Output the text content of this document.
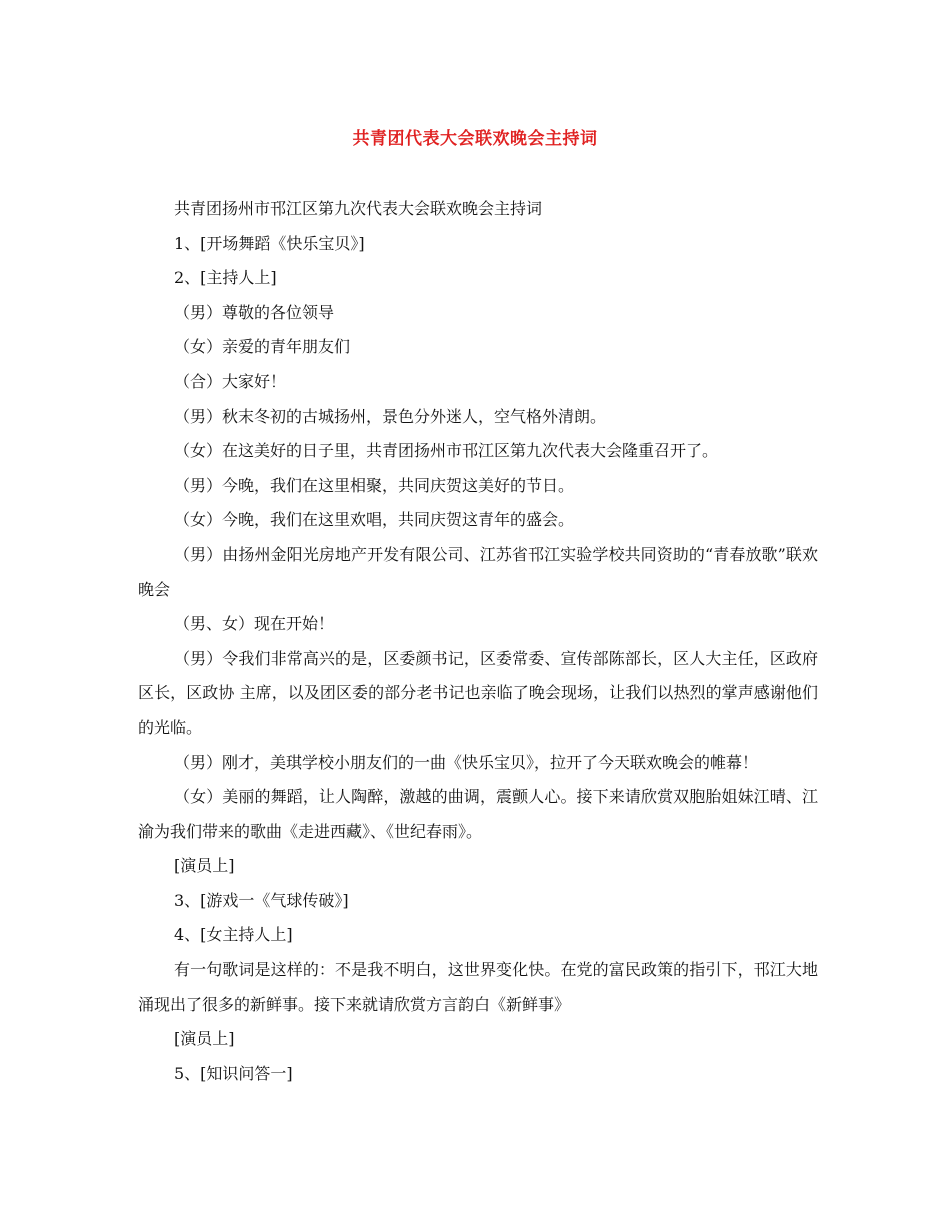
共青团代表大会联欢晚会主持词

共青团扬州市邗江区第九次代表大会联欢晚会主持词

1、[开场舞蹈《快乐宝贝》]

2、[主持人上]

（男）尊敬的各位领导

（女）亲爱的青年朋友们

（合）大家好！

（男）秋末冬初的古城扬州，景色分外迷人，空气格外清朗。

（女）在这美好的日子里，共青团扬州市邗江区第九次代表大会隆重召开了。

（男）今晚，我们在这里相聚，共同庆贺这美好的节日。

（女）今晚，我们在这里欢唱，共同庆贺这青年的盛会。

（男）由扬州金阳光房地产开发有限公司、江苏省邗江实验学校共同资助的“青春放歌”联欢晚会

（男、女）现在开始！

（男）令我们非常高兴的是，区委颜书记，区委常委、宣传部陈部长，区人大主任，区政府 区长，区政协 主席，以及团区委的部分老书记也亲临了晚会现场，让我们以热烈的掌声感谢他们的光临。

（男）刚才，美琪学校小朋友们的一曲《快乐宝贝》，拉开了今天联欢晚会的帷幕！

（女）美丽的舞蹈，让人陶醉，激越的曲调，震颤人心。接下来请欣赏双胞胎姐妹江晴、江渝为我们带来的歌曲《走进西藏》、《世纪春雨》。

[演员上]

3、[游戏一《气球传破》]

4、[女主持人上]

有一句歌词是这样的：不是我不明白，这世界变化快。在党的富民政策的指引下，邗江大地涌现出了很多的新鲜事。接下来就请欣赏方言韵白《新鲜事》

[演员上]

5、[知识问答一]
